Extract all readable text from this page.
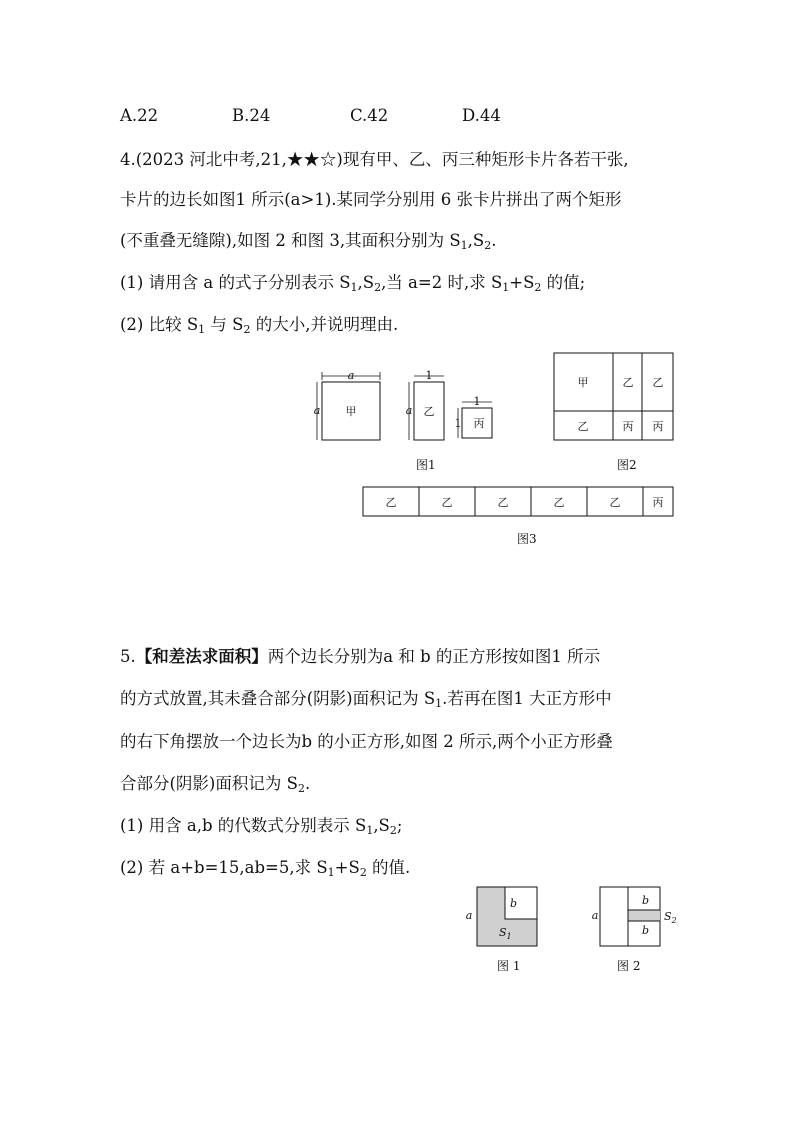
A.22	B.24	C.42	D.44
4.(2023 河北中考,21,★★☆)现有甲、乙、丙三种矩形卡片各若干张,
卡片的边长如图1 所示(a>1).某同学分别用 6 张卡片拼出了两个矩形
(不重叠无缝隙),如图 2 和图 3,其面积分别为 $S_1,S_2$.
(1) 请用含 a 的式子分别表示 $S_1,S_2$,当 a=2 时,求 $S_1+S_2$ 的值;
(2) 比较 $S_1$ 与 $S_2$ 的大小,并说明理由.
a
a 甲
1
a 乙
1
1 丙
图1
甲	乙 乙
乙	丙 丙
图2
乙	乙	乙	乙	乙	丙
图3
5.【和差法求面积】两个边长分别为a 和 b 的正方形按如图1 所示
的方式放置,其未叠合部分(阴影)面积记为 $S_1$.若再在图1 大正方形中
的右下角摆放一个边长为b 的小正方形,如图 2 所示,两个小正方形叠
合部分(阴影)面积记为 $S_2$.
(1) 用含 a,b 的代数式分别表示 $S_1,S_2$;
(2) 若 a+b=15,ab=5,求 $S_1+S_2$ 的值.
a
b
$S_1$
图 1
a
b
b
$S_2$
图 2
